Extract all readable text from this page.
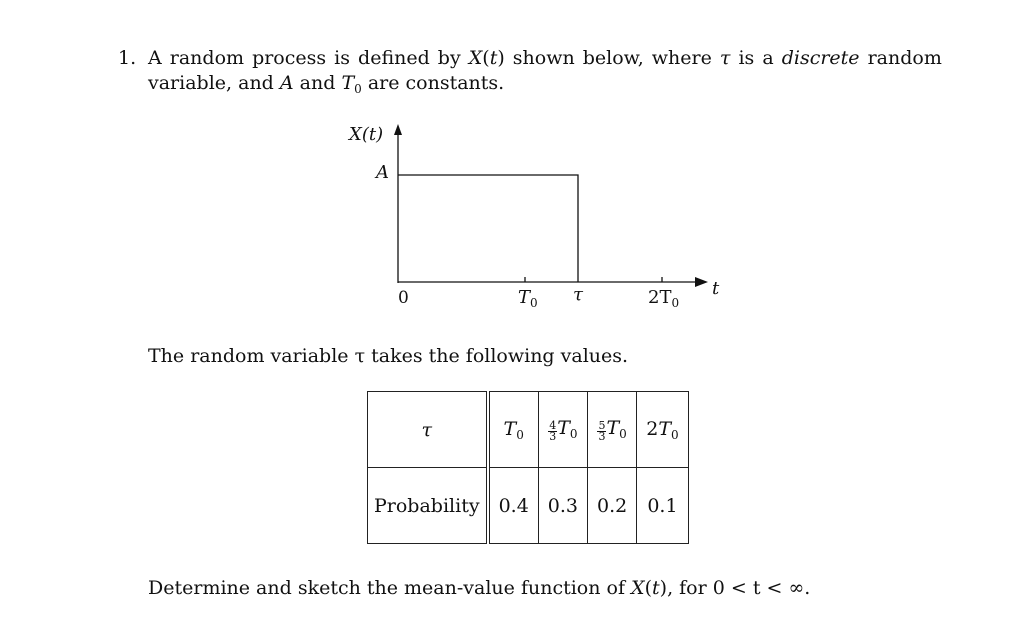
1. A random process is defined by X(t) shown below, where τ is a discrete random
variable, and A and $T_0$ are constants.
X(t)
A
0	$T_0$ τ	$2T_0$
t
The random variable τ takes the following values.
τ	$T_0$	$\frac{4}{3} T_0$	$\frac{5}{3} T_0$	$2T_0$
Probability	0.4	0.3	0.2	0.1
Determine and sketch the mean-value function of X(t), for 0 < t < ∞.
